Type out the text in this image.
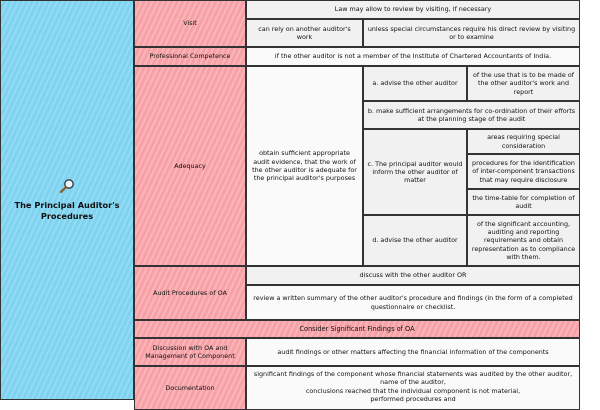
The Principal Auditor's Procedures
Visit
Law may allow to review by visiting, if necessary
can rely on another auditor's work
unless special circumstances require his direct review by visiting or to examine
Professional Competence	if the other auditor is not a member of the Institute of Chartered Accountants of India.
Adequacy
obtain sufficient appropriate audit evidence, that the work of the other auditor is adequate for the principal auditor's purposes
a. advise the other auditor
of the use that is to be made of the other auditor's work and report
b. make sufficient arrangements for co-ordination of their efforts at the planning stage of the audit
c. The principal auditor would inform the other auditor of matter
areas requiring special consideration
procedures for the identification of inter-component transactions that may require disclosure
the time-table for completion of audit
d. advise the other auditor
of the significant accounting, auditing and reporting requirements and obtain representation as to compliance with them.
Audit Procedures of OA
discuss with the other auditor OR
review a written summary of the other auditor's procedure and findings (in the form of a completed questionnaire or checklist.
Consider Significant Findings of OA
Discussion with OA and Management of Component
audit findings or other matters affecting the financial information of the components
Documentation
significant findings of the component whose financial statements was audited by the other auditor,
name of the auditor,
conclusions reached that the individual component is not material,
performed procedures and
